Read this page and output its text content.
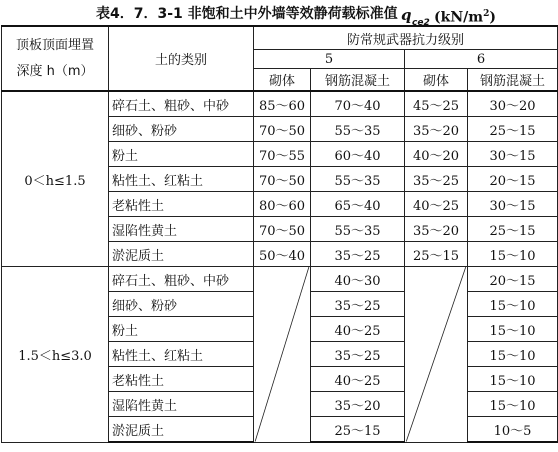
表4．7．3-1 非饱和土中外墙等效静荷载标准值 q ce2 $(kN/m^2)$
顶板顶面埋置
深度 h（m）	土的类别	防常规武器抗力级别			
		5		6	
		砌体	钢筋混凝土	砌体	钢筋混凝土
0＜h≤1.5	碎石土、粗砂、中砂	85～60	70～40	45～25	30～20
	细砂、粉砂	70～50	55～35	35～20	25～15
	粉土	70～55	60～40	40～20	30～15
	粘性土、红粘土	70～50	55～35	35～25	20～15
	老粘性土	80～60	65～40	40～25	30～15
	湿陷性黄土	70～50	55～35	35～20	25～15
	淤泥质土	50～40	35～25	25～15	15～10
1.5＜h≤3.0	碎石土、粗砂、中砂		40～30		20～15
	细砂、粉砂		35～25		15～10
	粉土		40～25		15～10
	粘性土、红粘土		35～25		15～10
	老粘性土		40～25		15～10
	湿陷性黄土		35～20		15～10
	淤泥质土		25～15		10～5
